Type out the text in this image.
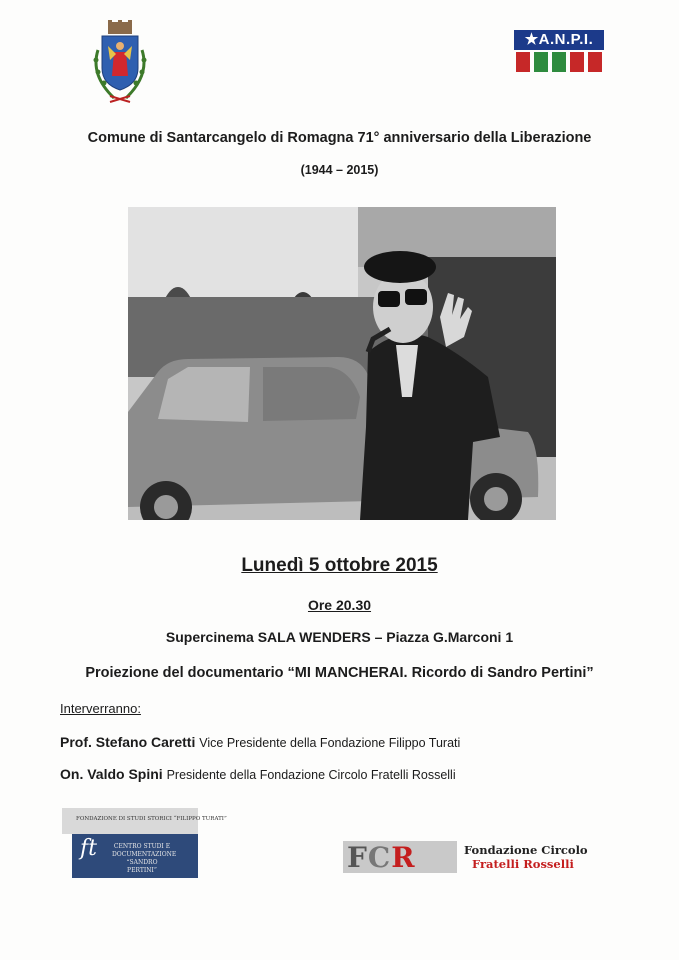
★A.N.P.I.
Comune di Santarcangelo di Romagna 71° anniversario della Liberazione
(1944 – 2015)
Lunedì 5 ottobre 2015
Ore 20.30
Supercinema SALA WENDERS – Piazza G.Marconi 1
Proiezione del documentario “MI MANCHERAI. Ricordo di Sandro Pertini”
Interverranno:
Prof. Stefano Caretti Vice Presidente della Fondazione Filippo Turati
On. Valdo Spini Presidente della Fondazione Circolo Fratelli Rosselli
FONDAZIONE DI STUDI STORICI “FILIPPO TURATI”
ft	CENTRO STUDI E DOCUMENTAZIONE “SANDRO PERTINI”	FCR	Fondazione Circolo
Fratelli Rosselli
